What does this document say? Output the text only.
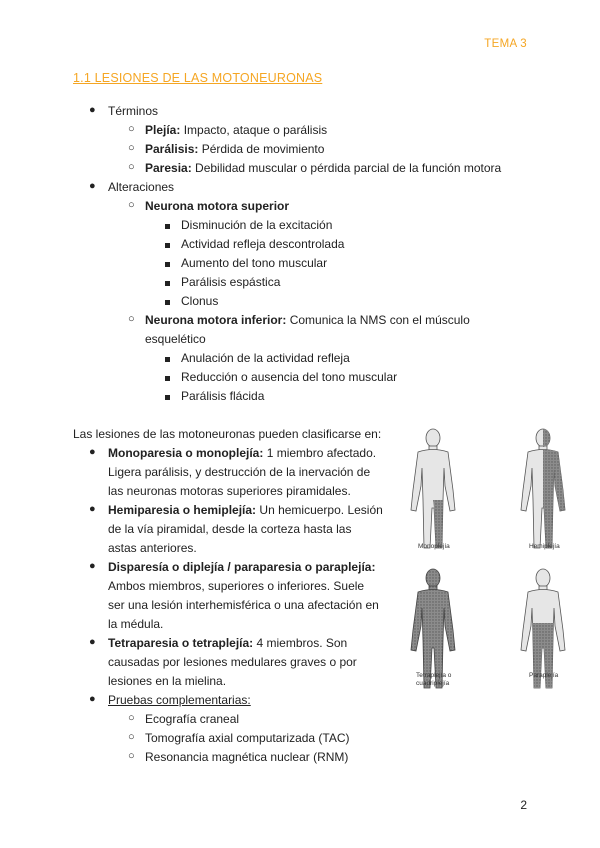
TEMA 3
1.1 LESIONES DE LAS MOTONEURONAS
● Términos
○ Plejía: Impacto, ataque o parálisis
○ Parálisis: Pérdida de movimiento
○ Paresia: Debilidad muscular o pérdida parcial de la función motora
● Alteraciones
○ Neurona motora superior
Disminución de la excitación
Actividad refleja descontrolada
Aumento del tono muscular
Parálisis espástica
Clonus
○ Neurona motora inferior: Comunica la NMS con el músculo
esquelético
Anulación de la actividad refleja
Reducción o ausencia del tono muscular
Parálisis flácida
Las lesiones de las motoneuronas pueden clasificarse en:
● Monoparesia o monoplejía: 1 miembro afectado.
Ligera parálisis, y destrucción de la inervación de
las neuronas motoras superiores piramidales.
● Hemiparesia o hemiplejía: Un hemicuerpo. Lesión
de la vía piramidal, desde la corteza hasta las
astas anteriores.
● Disparesía o diplejía / paraparesia o paraplejía:
Ambos miembros, superiores o inferiores. Suele
ser una lesión interhemisférica o una afectación en
la médula.
● Tetraparesia o tetraplejía: 4 miembros. Son
causadas por lesiones medulares graves o por
lesiones en la mielina.
● Pruebas complementarias:
○ Ecografía craneal
○ Tomografía axial computarizada (TAC)
○ Resonancia magnética nuclear (RNM)
Monoplejía	Hemiplejía
Tetraplejía o
cuadriplejía
Paraplejía
2
